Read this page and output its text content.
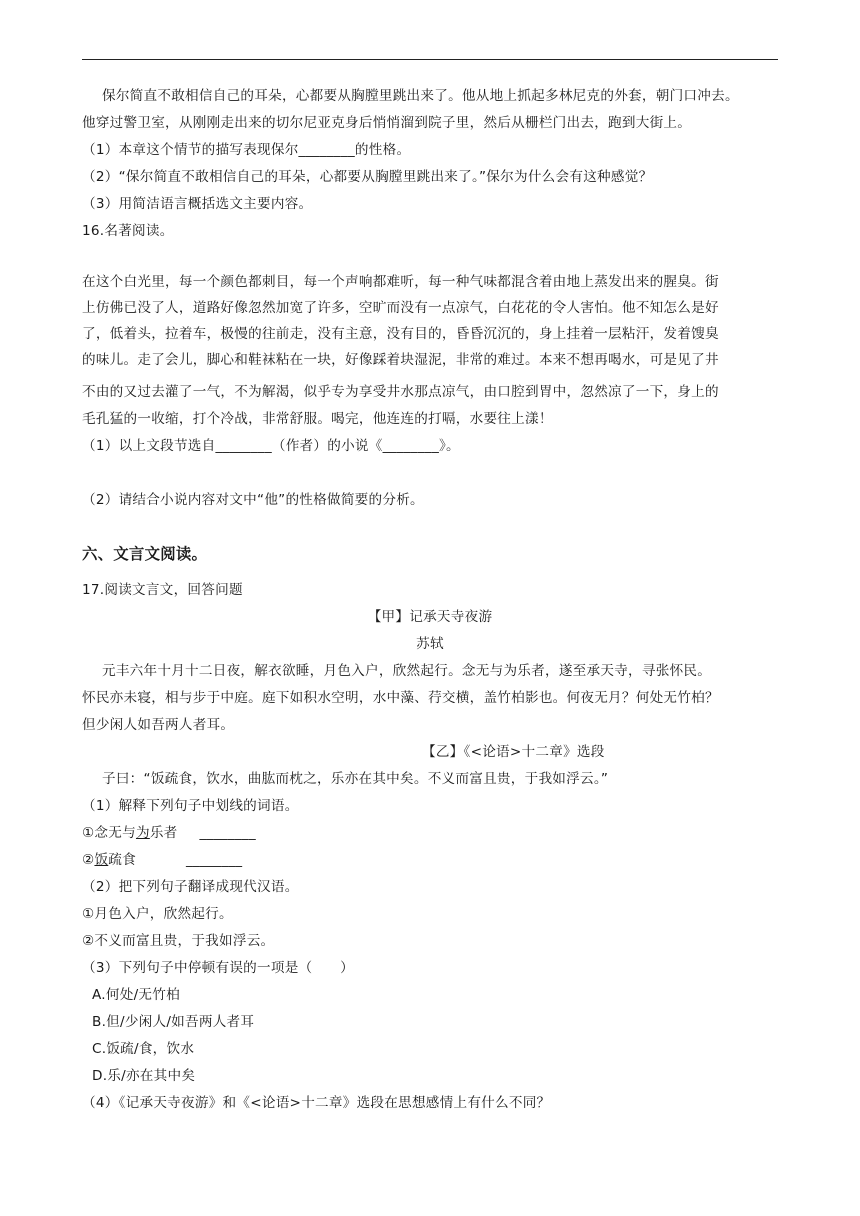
保尔简直不敢相信自己的耳朵，心都要从胸膛里跳出来了。他从地上抓起多林尼克的外套，朝门口冲去。
他穿过警卫室，从刚刚走出来的切尔尼亚克身后悄悄溜到院子里，然后从栅栏门出去，跑到大街上。
（1）本章这个情节的描写表现保尔________的性格。
（2）“保尔简直不敢相信自己的耳朵，心都要从胸膛里跳出来了。”保尔为什么会有这种感觉？
（3）用简洁语言概括选文主要内容。
16.名著阅读。
在这个白光里，每一个颜色都刺目，每一个声响都难听，每一种气味都混含着由地上蒸发出来的腥臭。街
上仿佛已没了人，道路好像忽然加宽了许多，空旷而没有一点凉气，白花花的令人害怕。他不知怎么是好
了，低着头，拉着车，极慢的往前走，没有主意，没有目的，昏昏沉沉的，身上挂着一层粘汗，发着馊臭
的味儿。走了会儿，脚心和鞋袜粘在一块，好像踩着块湿泥，非常的难过。本来不想再喝水，可是见了井
不由的又过去灌了一气，不为解渴，似乎专为享受井水那点凉气，由口腔到胃中，忽然凉了一下，身上的
毛孔猛的一收缩，打个冷战，非常舒服。喝完，他连连的打嗝，水要往上漾！
（1）以上文段节选自________（作者）的小说《________》。
（2）请结合小说内容对文中“他”的性格做简要的分析。
六、文言文阅读。
17.阅读文言文，回答问题
【甲】记承天寺夜游
苏轼
元丰六年十月十二日夜，解衣欲睡，月色入户，欣然起行。念无与为乐者，遂至承天寺，寻张怀民。
怀民亦未寝，相与步于中庭。庭下如积水空明，水中藻、荇交横，盖竹柏影也。何夜无月？何处无竹柏？
但少闲人如吾两人者耳。
【乙】《<论语>十二章》选段
子曰：“饭疏食，饮水，曲肱而枕之，乐亦在其中矣。不义而富且贵，于我如浮云。”
（1）解释下列句子中划线的词语。
①念无与为乐者 ________
②饭疏食	________
（2）把下列句子翻译成现代汉语。
①月色入户，欣然起行。
②不义而富且贵，于我如浮云。
（3）下列句子中停顿有误的一项是（　　）
A.何处/无竹柏
B.但/少闲人/如吾两人者耳
C.饭疏/食，饮水
D.乐/亦在其中矣
（4）《记承天寺夜游》和《<论语>十二章》选段在思想感情上有什么不同？
